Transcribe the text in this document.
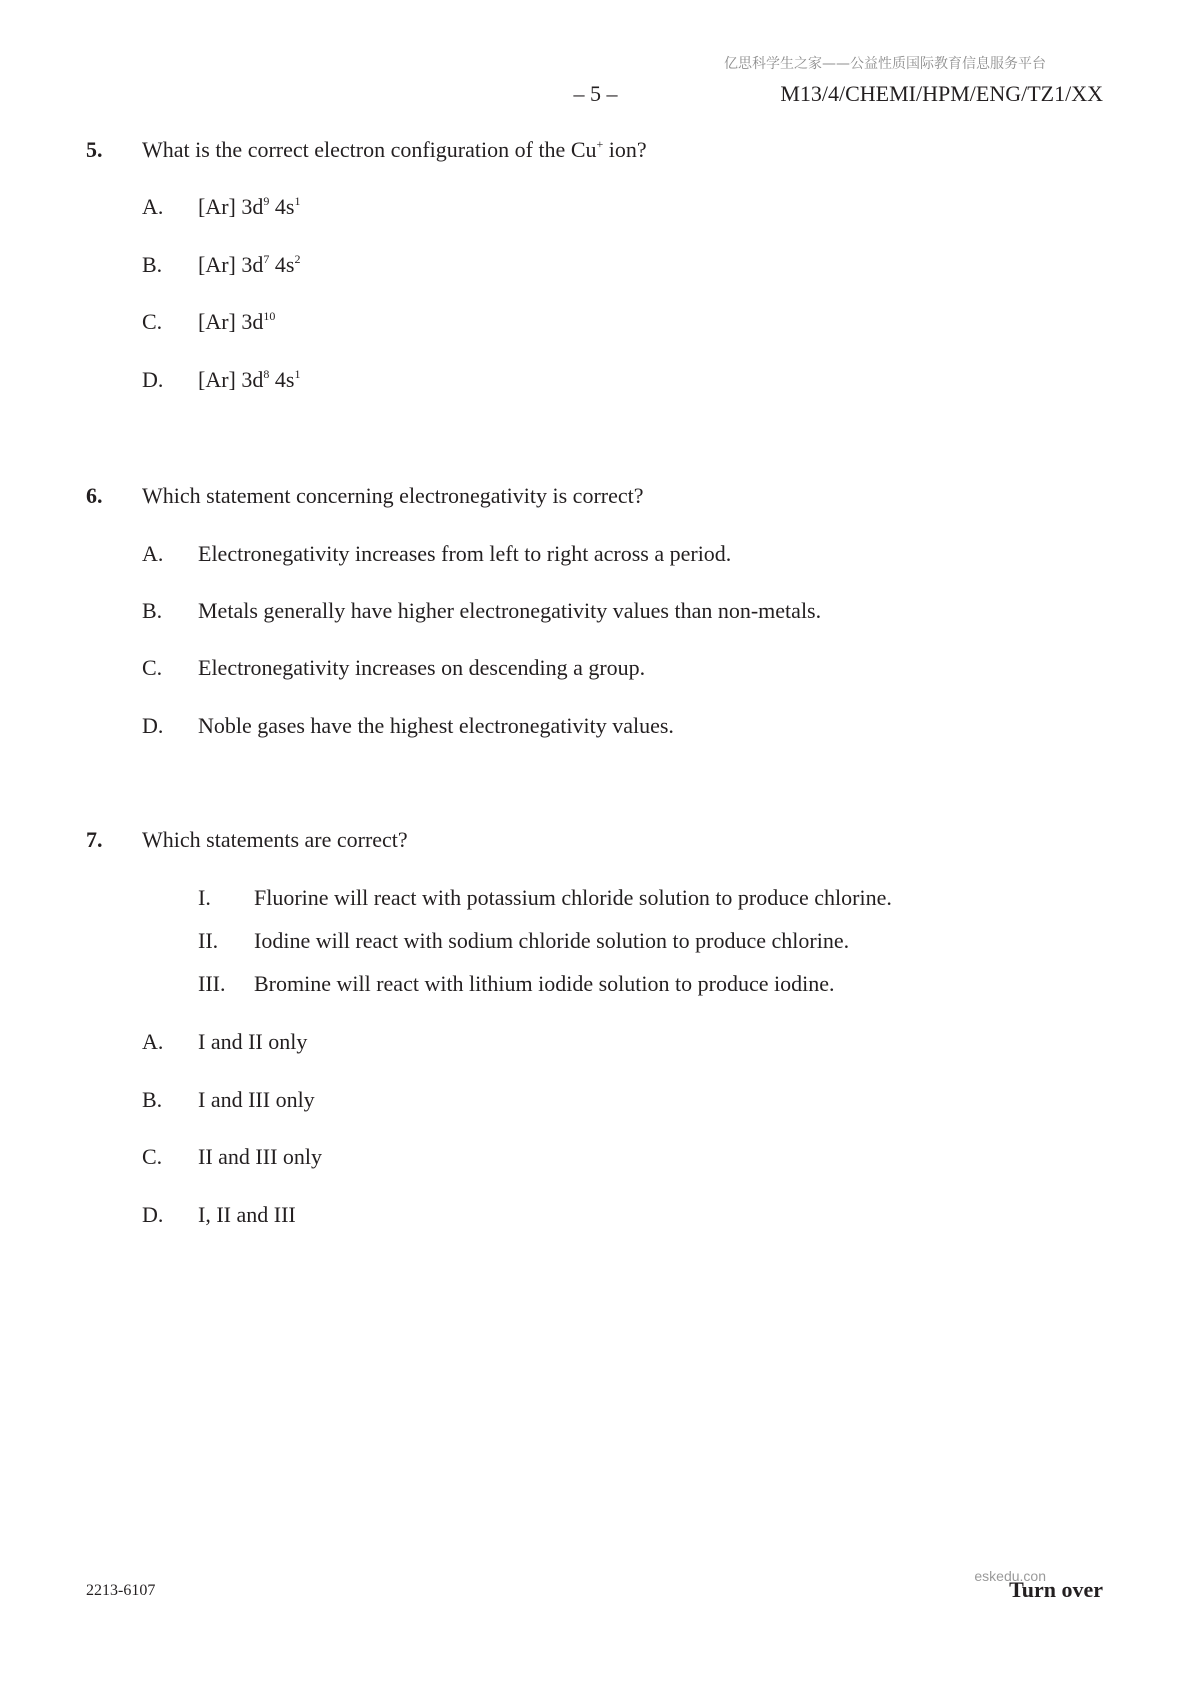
亿思科学生之家——公益性质国际教育信息服务平台
– 5 –	M13/4/CHEMI/HPM/ENG/TZ1/XX
5. What is the correct electron configuration of the Cu+ ion?
A. [Ar] $3d^9$ $4s^1$
B. [Ar] $3d^7$ $4s^2$
C. [Ar] $3d^{10}$
D. [Ar] $3d^8$ $4s^1$
6. Which statement concerning electronegativity is correct?
A. Electronegativity increases from left to right across a period.
B. Metals generally have higher electronegativity values than non-metals.
C. Electronegativity increases on descending a group.
D. Noble gases have the highest electronegativity values.
7. Which statements are correct?
I. Fluorine will react with potassium chloride solution to produce chlorine.
II. Iodine will react with sodium chloride solution to produce chlorine.
III. Bromine will react with lithium iodide solution to produce iodine.
A. I and II only
B. I and III only
C. II and III only
D. I, II and III
2213-6107	Turn over
eskedu.con
